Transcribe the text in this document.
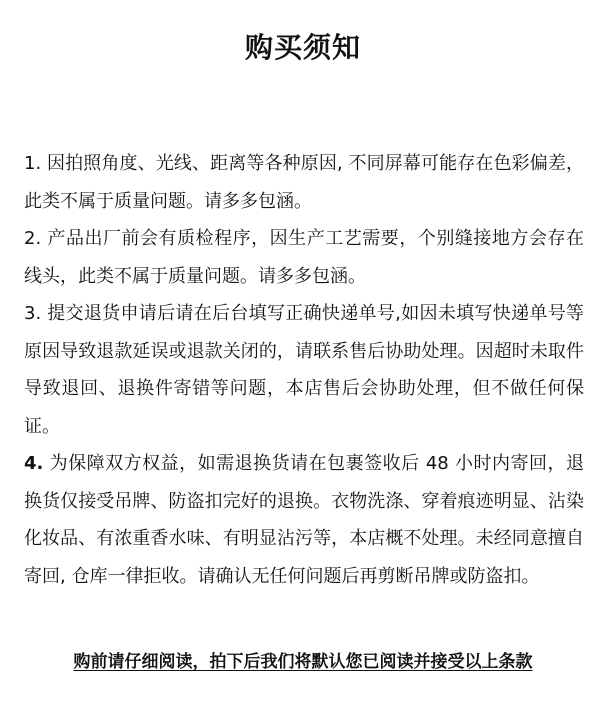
购买须知

1. 因拍照角度、光线、距离等各种原因, 不同屏幕可能存在色彩偏差，此类不属于质量问题。请多多包涵。

2. 产品出厂前会有质检程序，因生产工艺需要，个别缝接地方会存在线头，此类不属于质量问题。请多多包涵。

3. 提交退货申请后请在后台填写正确快递单号,如因未填写快递单号等原因导致退款延误或退款关闭的，请联系售后协助处理。因超时未取件导致退回、退换件寄错等问题，本店售后会协助处理，但不做任何保证。

4. 为保障双方权益，如需退换货请在包裹签收后 48 小时内寄回，退换货仅接受吊牌、防盗扣完好的退换。衣物洗涤、穿着痕迹明显、沾染化妆品、有浓重香水味、有明显沾污等，本店概不处理。未经同意擅自寄回, 仓库一律拒收。请确认无任何问题后再剪断吊牌或防盗扣。

购前请仔细阅读，拍下后我们将默认您已阅读并接受以上条款
